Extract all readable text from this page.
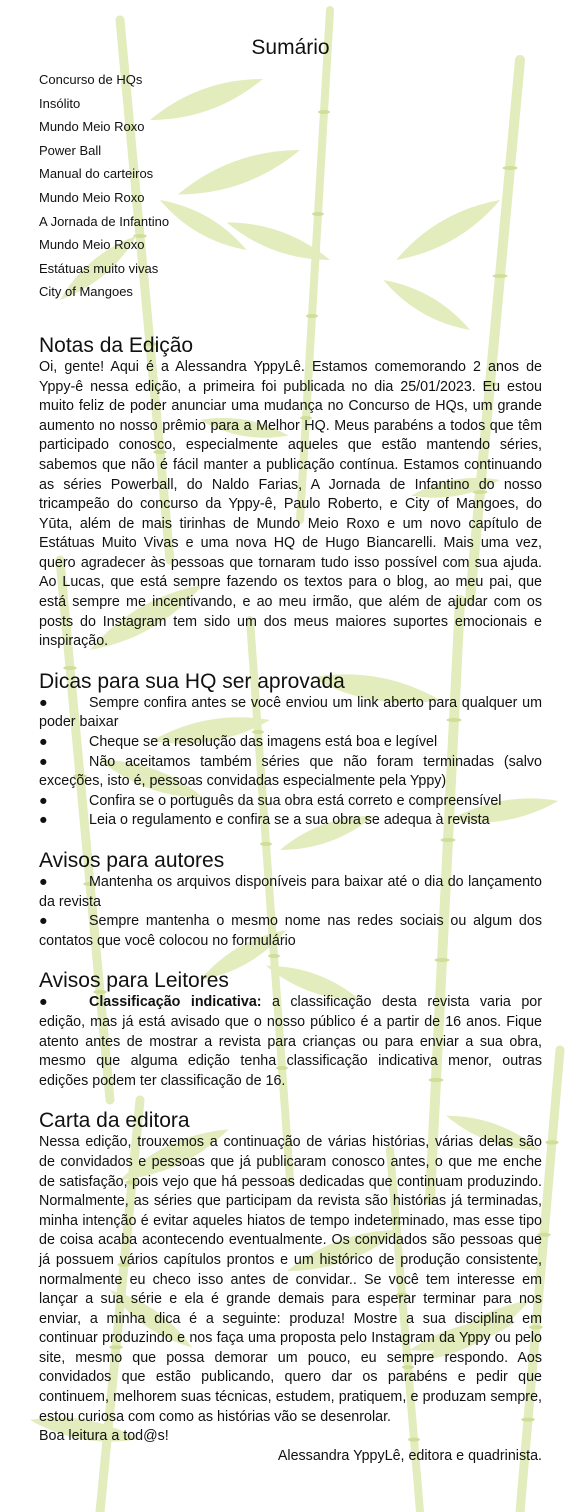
Sumário
Concurso de HQs
Insólito
Mundo Meio Roxo
Power Ball
Manual do carteiros
Mundo Meio Roxo
A Jornada de Infantino
Mundo Meio Roxo
Estátuas muito vivas
City of Mangoes
Notas da Edição

Oi, gente! Aqui é a Alessandra YppyLê. Estamos comemorando 2 anos de Yppy-ê nessa edição, a primeira foi publicada no dia 25/01/2023. Eu estou muito feliz de poder anunciar uma mudança no Concurso de HQs, um grande aumento no nosso prêmio para a Melhor HQ. Meus parabéns a todos que têm participado conosco, especialmente aqueles que estão mantendo séries, sabemos que não é fácil manter a publicação contínua. Estamos continuando as séries Powerball, do Naldo Farias, A Jornada de Infantino do nosso tricampeão do concurso da Yppy-ê, Paulo Roberto, e City of Mangoes, do Yūta, além de mais tirinhas de Mundo Meio Roxo e um novo capítulo de Estátuas Muito Vivas e uma nova HQ de Hugo Biancarelli. Mais uma vez, quero agradecer às pessoas que tornaram tudo isso possível com sua ajuda. Ao Lucas, que está sempre fazendo os textos para o blog, ao meu pai, que está sempre me incentivando, e ao meu irmão, que além de ajudar com os posts do Instagram tem sido um dos meus maiores suportes emocionais e inspiração.

Dicas para sua HQ ser aprovada

●	Sempre confira antes se você enviou um link aberto para qualquer um poder baixar

●	Cheque se a resolução das imagens está boa e legível

●	Não aceitamos também séries que não foram terminadas (salvo exceções, isto é, pessoas convidadas especialmente pela Yppy)

●	Confira se o português da sua obra está correto e compreensível

●	Leia o regulamento e confira se a sua obra se adequa à revista

Avisos para autores

●	Mantenha os arquivos disponíveis para baixar até o dia do lançamento da revista

●	Sempre mantenha o mesmo nome nas redes sociais ou algum dos contatos que você colocou no formulário

Avisos para Leitores

●	Classificação indicativa: a classificação desta revista varia por edição, mas já está avisado que o nosso público é a partir de 16 anos. Fique atento antes de mostrar a revista para crianças ou para enviar a sua obra, mesmo que alguma edição tenha classificação indicativa menor, outras edições podem ter classificação de 16.

Carta da editora

Nessa edição, trouxemos a continuação de várias histórias, várias delas são de convidados e pessoas que já publicaram conosco antes, o que me enche de satisfação, pois vejo que há pessoas dedicadas que continuam produzindo. Normalmente, as séries que participam da revista são histórias já terminadas, minha intenção é evitar aqueles hiatos de tempo indeterminado, mas esse tipo de coisa acaba acontecendo eventualmente. Os convidados são pessoas que já possuem vários capítulos prontos e um histórico de produção consistente, normalmente eu checo isso antes de convidar.. Se você tem interesse em lançar a sua série e ela é grande demais para esperar terminar para nos enviar, a minha dica é a seguinte: produza! Mostre a sua disciplina em continuar produzindo e nos faça uma proposta pelo Instagram da Yppy ou pelo site, mesmo que possa demorar um pouco, eu sempre respondo. Aos convidados que estão publicando, quero dar os parabéns e pedir que continuem, melhorem suas técnicas, estudem, pratiquem, e produzam sempre, estou curiosa com como as histórias vão se desenrolar.

Boa leitura a tod@s!

Alessandra YppyLê, editora e quadrinista.
